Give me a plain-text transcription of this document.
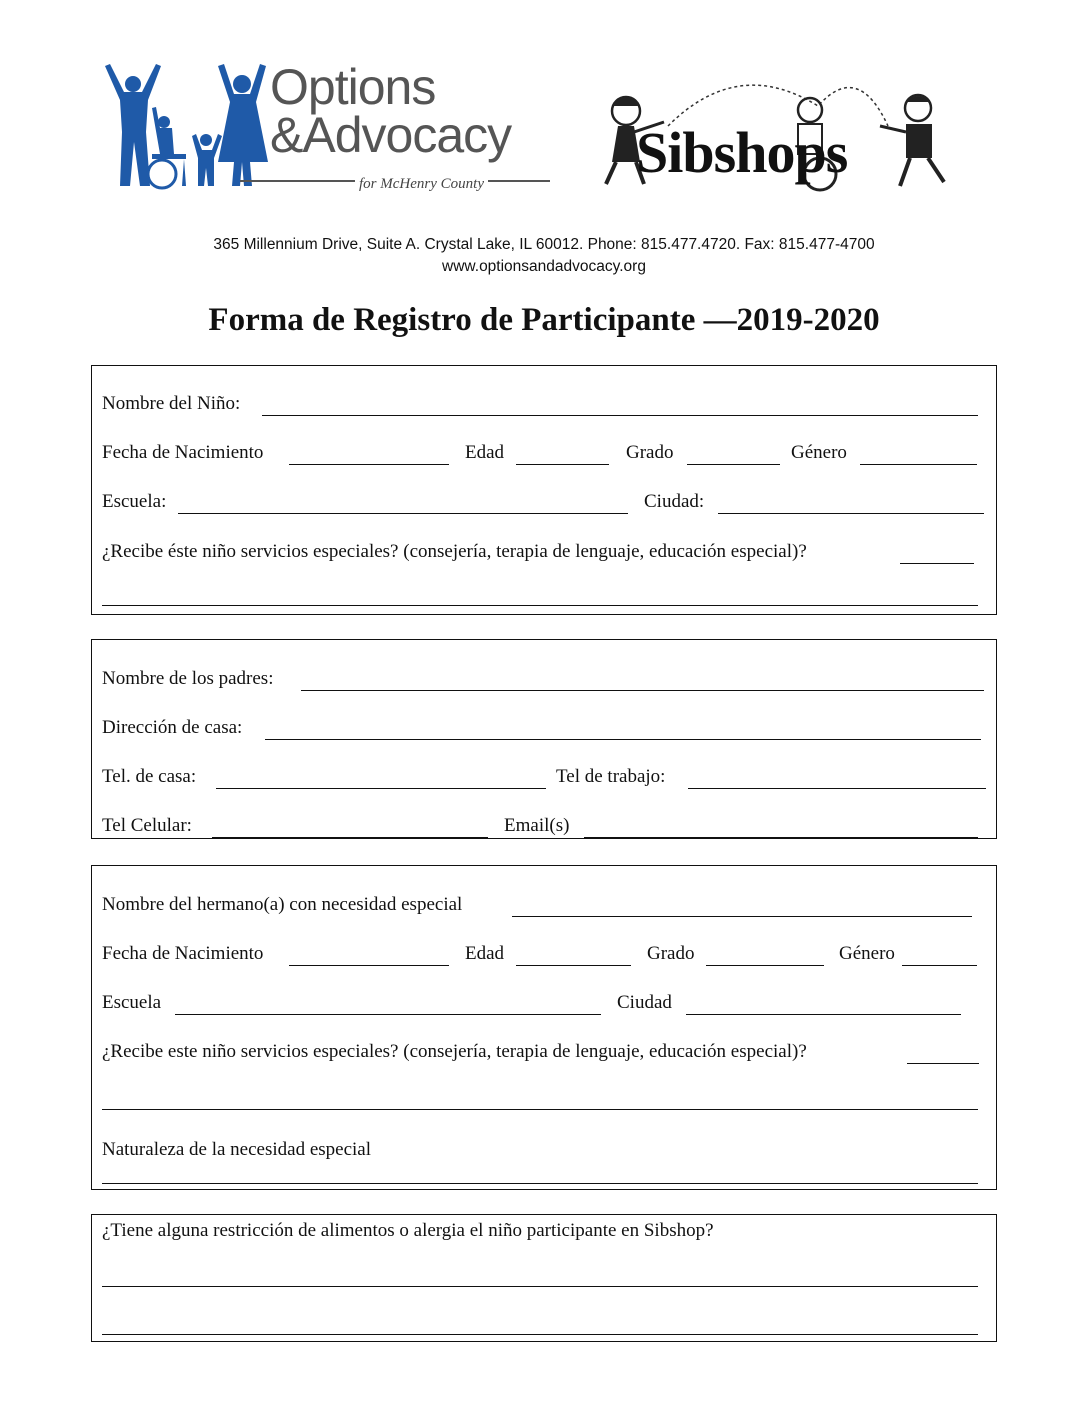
Options
&Advocacy
for McHenry County	Sibshops
365 Millennium Drive, Suite A. Crystal Lake, IL 60012. Phone: 815.477.4720. Fax: 815.477-4700
www.optionsandadvocacy.org
Forma de Registro de Participante —2019-2020
Nombre del Niño:
Fecha de Nacimiento	Edad	Grado	Género
Escuela:	Ciudad:
¿Recibe éste niño servicios especiales? (consejería, terapia de lenguaje, educación especial)?
Nombre de los padres:
Dirección de casa:
Tel. de casa:	Tel de trabajo:
Tel Celular:	Email(s)
Nombre del hermano(a) con necesidad especial
Fecha de Nacimiento	Edad	Grado	Género
Escuela	Ciudad
¿Recibe este niño servicios especiales? (consejería, terapia de lenguaje, educación especial)?
Naturaleza de la necesidad especial
¿Tiene alguna restricción de alimentos o alergia el niño participante en Sibshop?
